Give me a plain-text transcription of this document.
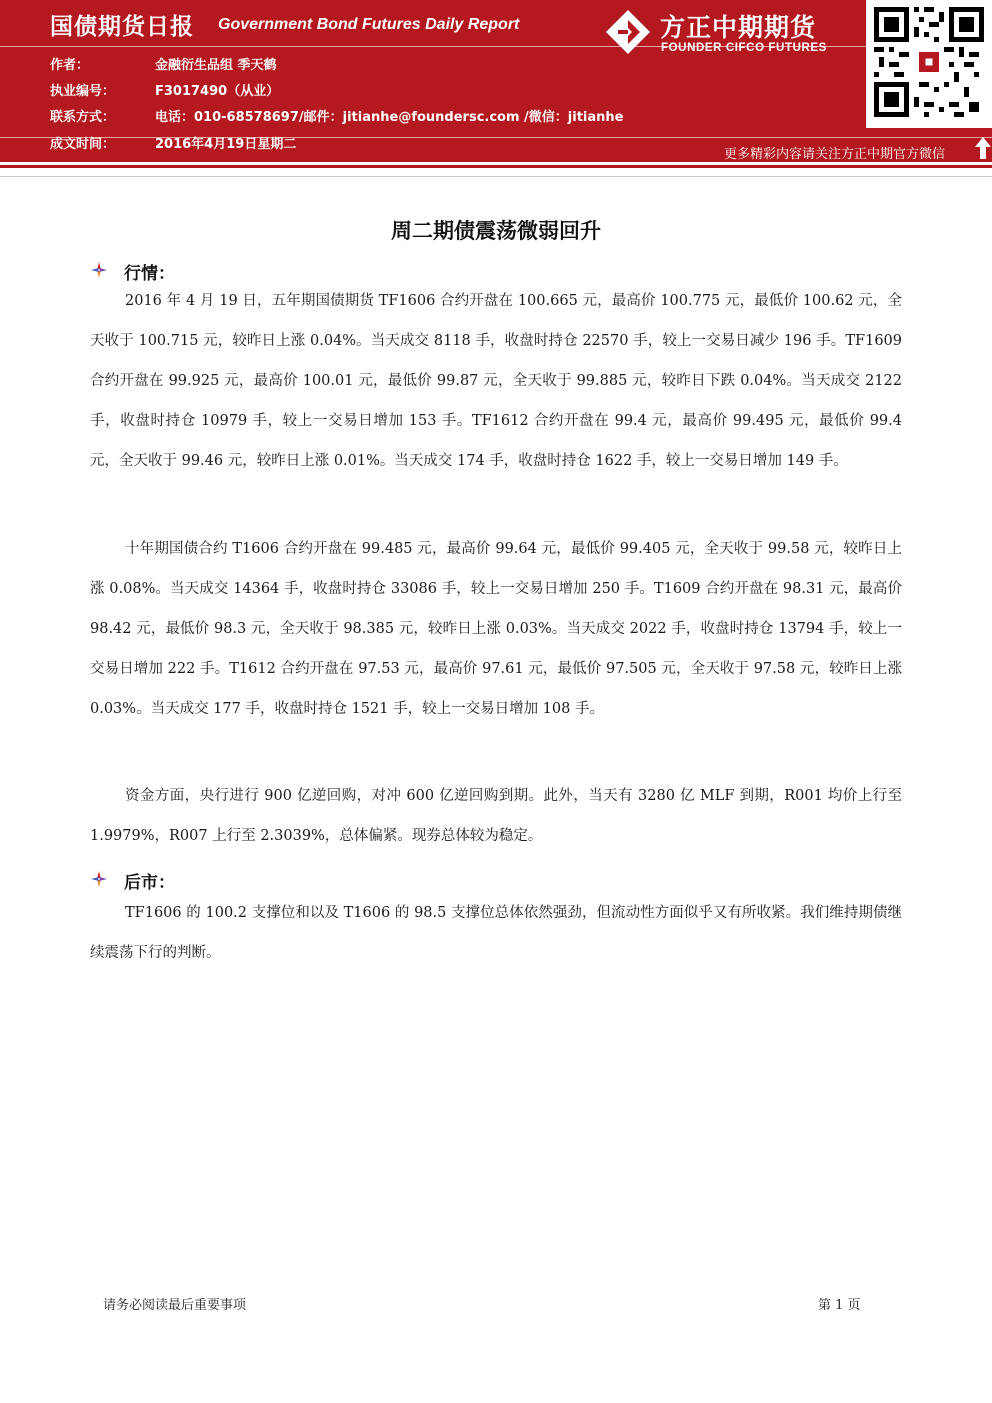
国债期货日报 Government Bond Futures Daily Report
作者：	金融衍生品组 季天鹤
执业编号：	F3017490（从业）
联系方式：	电话：010-68578697/邮件：jitianhe@foundersc.com /微信：jitianhe
成文时间：	2016年4月19日星期二
方正中期期货
FOUNDER CIFCO FUTURES
更多精彩内容请关注方正中期官方微信
周二期债震荡微弱回升
行情：

2016 年 4 月 19 日，五年期国债期货 TF1606 合约开盘在 100.665 元，最高价 100.775 元，最低价 100.62 元，全天收于 100.715 元，较昨日上涨 0.04%。当天成交 8118 手，收盘时持仓 22570 手，较上一交易日减少 196 手。TF1609 合约开盘在 99.925 元，最高价 100.01 元，最低价 99.87 元，全天收于 99.885 元，较昨日下跌 0.04%。当天成交 2122 手，收盘时持仓 10979 手，较上一交易日增加 153 手。TF1612 合约开盘在 99.4 元，最高价 99.495 元，最低价 99.4 元，全天收于 99.46 元，较昨日上涨 0.01%。当天成交 174 手，收盘时持仓 1622 手，较上一交易日增加 149 手。

十年期国债合约 T1606 合约开盘在 99.485 元，最高价 99.64 元，最低价 99.405 元，全天收于 99.58 元，较昨日上涨 0.08%。当天成交 14364 手，收盘时持仓 33086 手，较上一交易日增加 250 手。T1609 合约开盘在 98.31 元，最高价 98.42 元，最低价 98.3 元，全天收于 98.385 元，较昨日上涨 0.03%。当天成交 2022 手，收盘时持仓 13794 手，较上一交易日增加 222 手。T1612 合约开盘在 97.53 元，最高价 97.61 元，最低价 97.505 元，全天收于 97.58 元，较昨日上涨 0.03%。当天成交 177 手，收盘时持仓 1521 手，较上一交易日增加 108 手。

资金方面，央行进行 900 亿逆回购，对冲 600 亿逆回购到期。此外，当天有 3280 亿 MLF 到期，R001 均价上行至 1.9979%，R007 上行至 2.3039%，总体偏紧。现券总体较为稳定。

后市：

TF1606 的 100.2 支撑位和以及 T1606 的 98.5 支撑位总体依然强劲，但流动性方面似乎又有所收紧。我们维持期债继续震荡下行的判断。

请务必阅读最后重要事项	第 1 页
